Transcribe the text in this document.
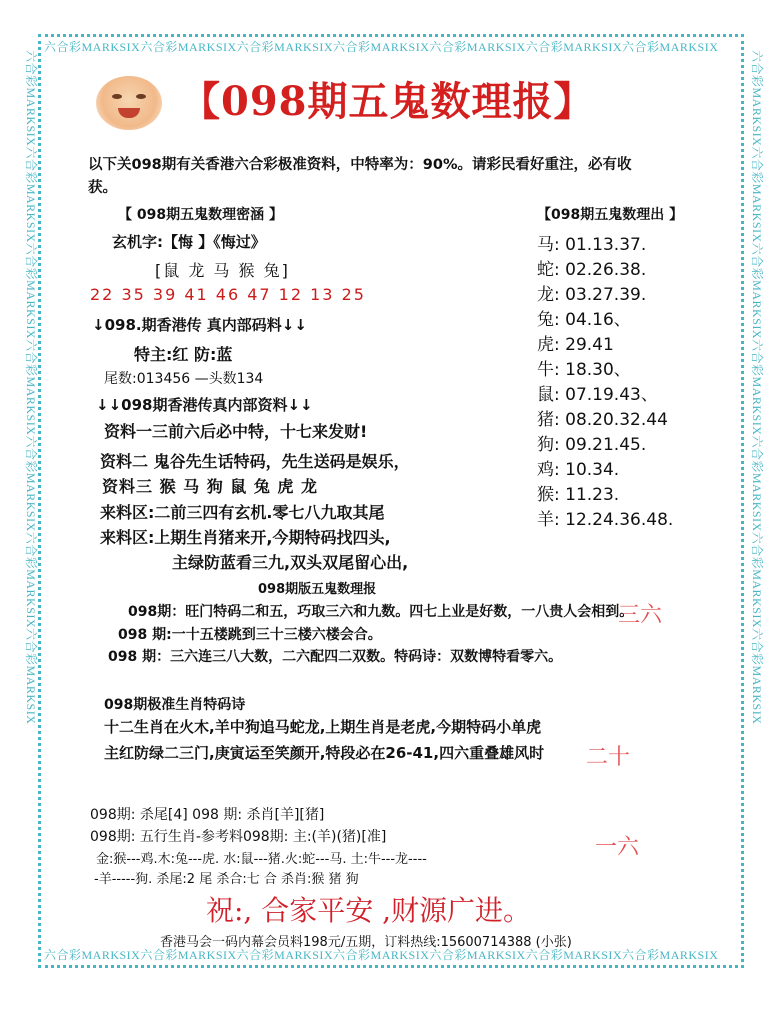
六合彩MARKSIX六合彩MARKSIX六合彩MARKSIX六合彩MARKSIX六合彩MARKSIX六合彩MARKSIX六合彩MARKSIX
六合彩MARKSIX六合彩MARKSIX六合彩MARKSIX六合彩MARKSIX六合彩MARKSIX六合彩MARKSIX六合彩MARKSIX
六合彩MARKSIX六合彩MARKSIX六合彩MARKSIX六合彩MARKSIX六合彩MARKSIX六合彩MARKSIX六合彩MARKSIX	六合彩MARKSIX六合彩MARKSIX六合彩MARKSIX六合彩MARKSIX六合彩MARKSIX六合彩MARKSIX六合彩MARKSIX
【098期五鬼数理报】
以下关098期有关香港六合彩极准资料，中特率为：90%。请彩民看好重注，必有收
获。
【 098期五鬼数理密涵 】
玄机字:【悔 】《悔过》
[鼠 龙 马 猴 兔]
22 35 39 41 46 47 12 13 25
↓098.期香港传 真内部码料↓↓
特主:红 防:蓝
尾数:013456 —头数134
↓↓098期香港传真内部资料↓↓
资料一三前六后必中特，十七来发财!
资料二 鬼谷先生话特码，先生送码是娱乐，
资料三 猴 马 狗 鼠 兔 虎 龙
来料区:二前三四有玄机.零七八九取其尾
来料区:上期生肖猪来开,今期特码找四头,
主绿防蓝看三九,双头双尾留心出,
098期版五鬼数理报
098期：旺门特码二和五，巧取三六和九数。四七上业是好数，一八贵人会相到。
098 期:一十五楼跳到三十三楼六楼会合。
098 期：三六连三八大数，二六配四二双数。特码诗：双数博特看零六。
098期极准生肖特码诗
十二生肖在火木,羊中狗追马蛇龙,上期生肖是老虎,今期特码小单虎
主红防绿二三门,庚寅运至笑颜开,特段必在26-41,四六重叠雄风时
【098期五鬼数理出 】
马: 01.13.37.
蛇: 02.26.38.
龙: 03.27.39.
兔: 04.16、
虎: 29.41
牛: 18.30、
鼠: 07.19.43、
猪: 08.20.32.44
狗: 09.21.45.
鸡: 10.34.
猴: 11.23.
羊: 12.24.36.48.
三六
二十
一六
098期: 杀尾[4] 098 期: 杀肖[羊][猪]
098期: 五行生肖-参考料098期: 主:(羊)(猪)[准]
金:猴---鸡.木:兔---虎. 水:鼠---猪.火:蛇---马. 土:牛---龙----
-羊-----狗. 杀尾:2 尾 杀合:七 合 杀肖:猴 猪 狗
祝:, 合家平安 ,财源广进。
香港马会一码内幕会员料198元/五期，订料热线:15600714388 (小张)
